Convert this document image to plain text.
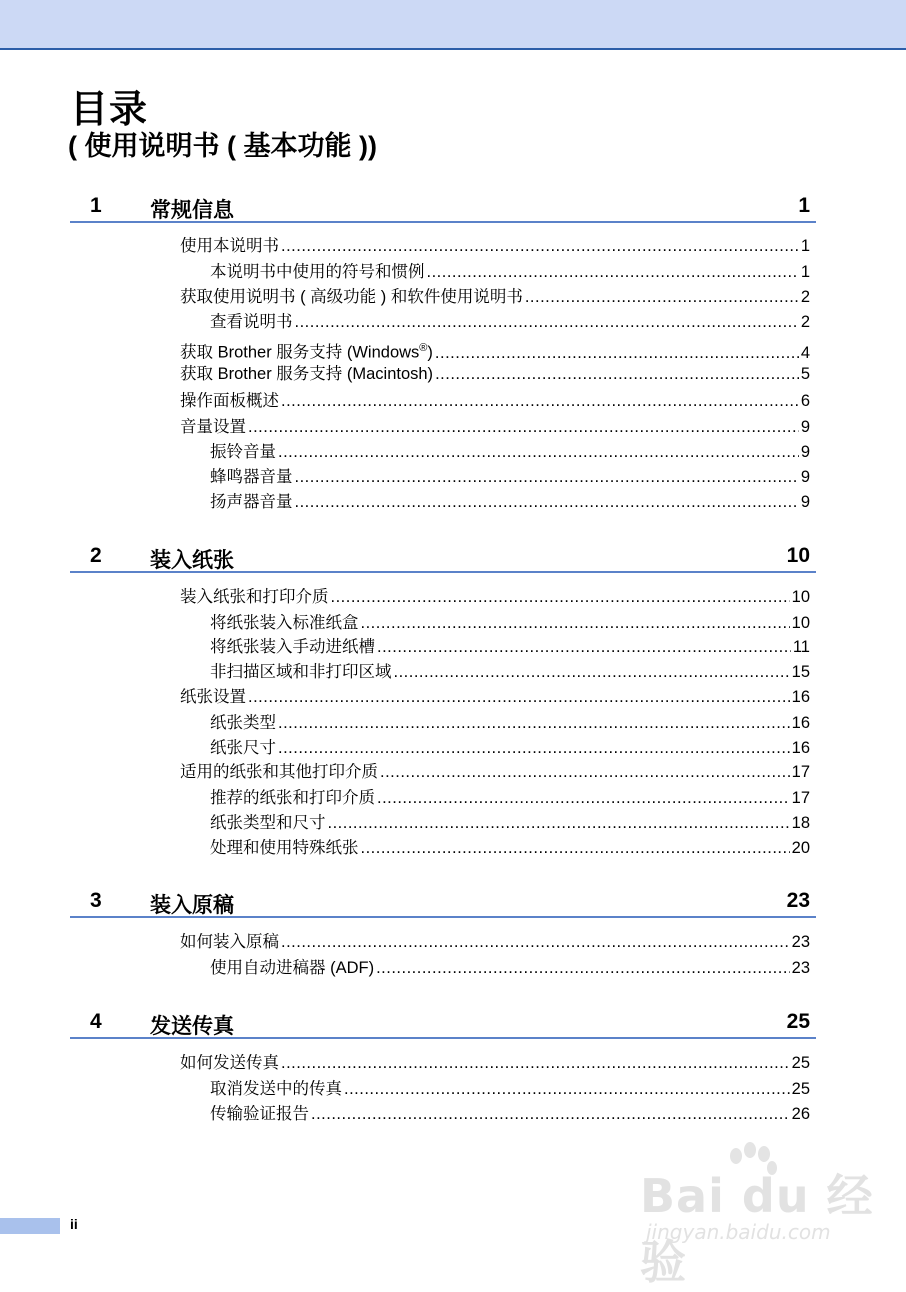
目录
( 使用说明书 ( 基本功能 ))
1 常规信息	1
使用本说明书 .....	1
本说明书中使用的符号和惯例 .....	1
获取使用说明书 ( 高级功能 ) 和软件使用说明书 .....	2
查看说明书 .....	2
获取 Brother 服务支持 (Windows®) .....	4
获取 Brother 服务支持 (Macintosh) .....	5
操作面板概述 .....	6
音量设置 .....	9
振铃音量 .....	9
蜂鸣器音量 .....	9
扬声器音量 .....	9
2 装入纸张	10
装入纸张和打印介质 .....	10
将纸张装入标准纸盒 .....	10
将纸张装入手动进纸槽 .....	11
非扫描区域和非打印区域 .....	15
纸张设置 .....	16
纸张类型 .....	16
纸张尺寸 .....	16
适用的纸张和其他打印介质 .....	17
推荐的纸张和打印介质 .....	17
纸张类型和尺寸 .....	18
处理和使用特殊纸张 .....	20
3 装入原稿	23
如何装入原稿 .....	23
使用自动进稿器 (ADF) .....	23
4 发送传真	25
如何发送传真 .....	25
取消发送中的传真 .....	25
传输验证报告 .....	26
ii
Bai du 经验
jingyan.baidu.com
